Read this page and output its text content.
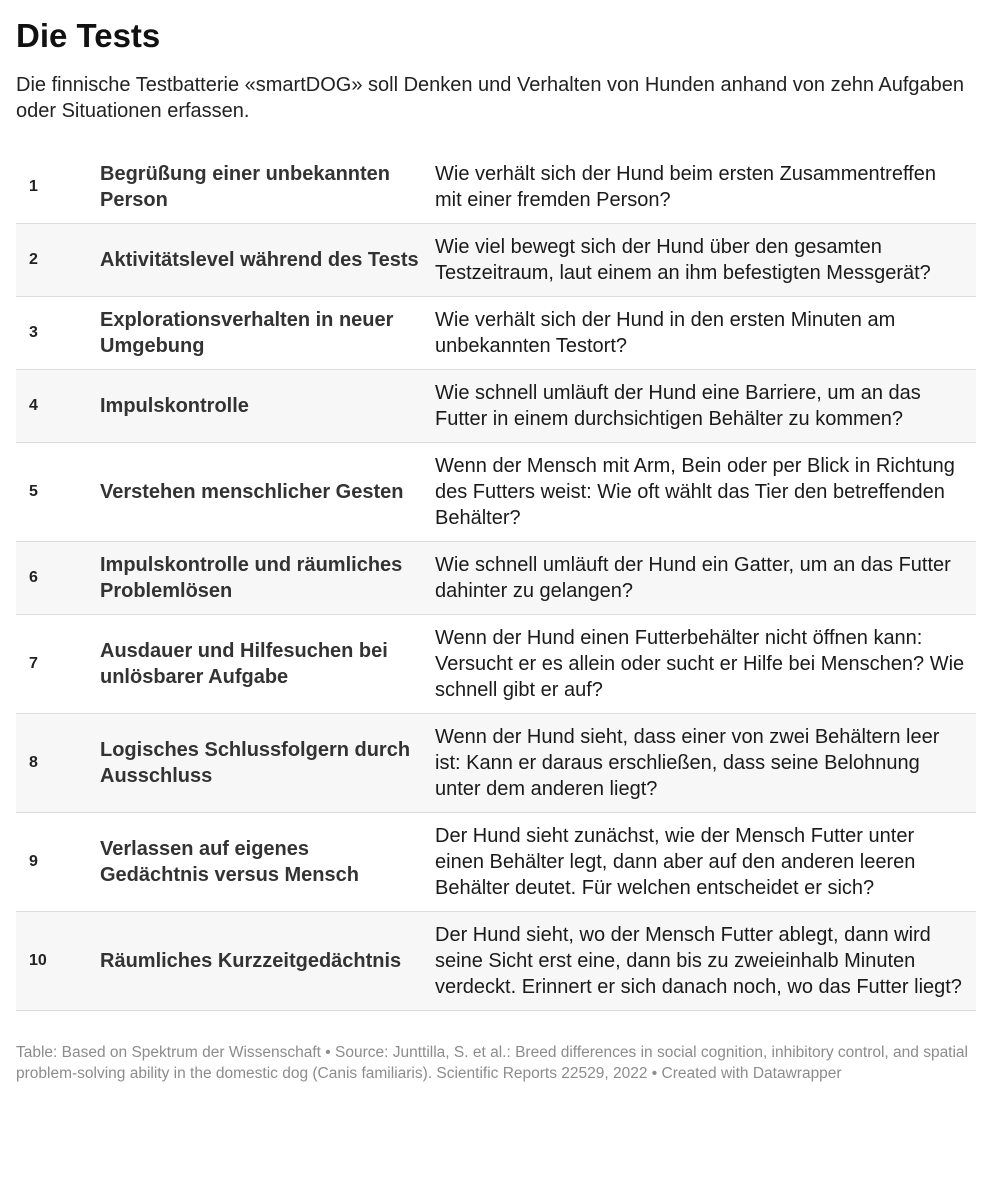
Die Tests

Die finnische Testbatterie «smartDOG» soll Denken und Verhalten von Hunden anhand von zehn Aufgaben oder Situationen erfassen.

1	Begrüßung einer unbekannten Person	Wie verhält sich der Hund beim ersten Zusammentreffen mit einer fremden Person?
2	Aktivitätslevel während des Tests	Wie viel bewegt sich der Hund über den gesamten Testzeitraum, laut einem an ihm befestigten Messgerät?
3	Explorationsverhalten in neuer Umgebung	Wie verhält sich der Hund in den ersten Minuten am unbekannten Testort?
4	Impulskontrolle	Wie schnell umläuft der Hund eine Barriere, um an das Futter in einem durchsichtigen Behälter zu kommen?
5	Verstehen menschlicher Gesten	Wenn der Mensch mit Arm, Bein oder per Blick in Richtung des Futters weist: Wie oft wählt das Tier den betreffenden Behälter?
6	Impulskontrolle und räumliches Problemlösen	Wie schnell umläuft der Hund ein Gatter, um an das Futter dahinter zu gelangen?
7	Ausdauer und Hilfesuchen bei unlösbarer Aufgabe	Wenn der Hund einen Futterbehälter nicht öffnen kann: Versucht er es allein oder sucht er Hilfe bei Menschen? Wie schnell gibt er auf?
8	Logisches Schlussfolgern durch Ausschluss	Wenn der Hund sieht, dass einer von zwei Behältern leer ist: Kann er daraus erschließen, dass seine Belohnung unter dem anderen liegt?
9	Verlassen auf eigenes Gedächtnis versus Mensch	Der Hund sieht zunächst, wie der Mensch Futter unter einen Behälter legt, dann aber auf den anderen leeren Behälter deutet. Für welchen entscheidet er sich?
10	Räumliches Kurzzeitgedächtnis	Der Hund sieht, wo der Mensch Futter ablegt, dann wird seine Sicht erst eine, dann bis zu zweieinhalb Minuten verdeckt. Erinnert er sich danach noch, wo das Futter liegt?
Table: Based on Spektrum der Wissenschaft • Source: Junttilla, S. et al.: Breed differences in social cognition, inhibitory control, and spatial problem-solving ability in the domestic dog (Canis familiaris). Scientific Reports 22529, 2022 • Created with Datawrapper
